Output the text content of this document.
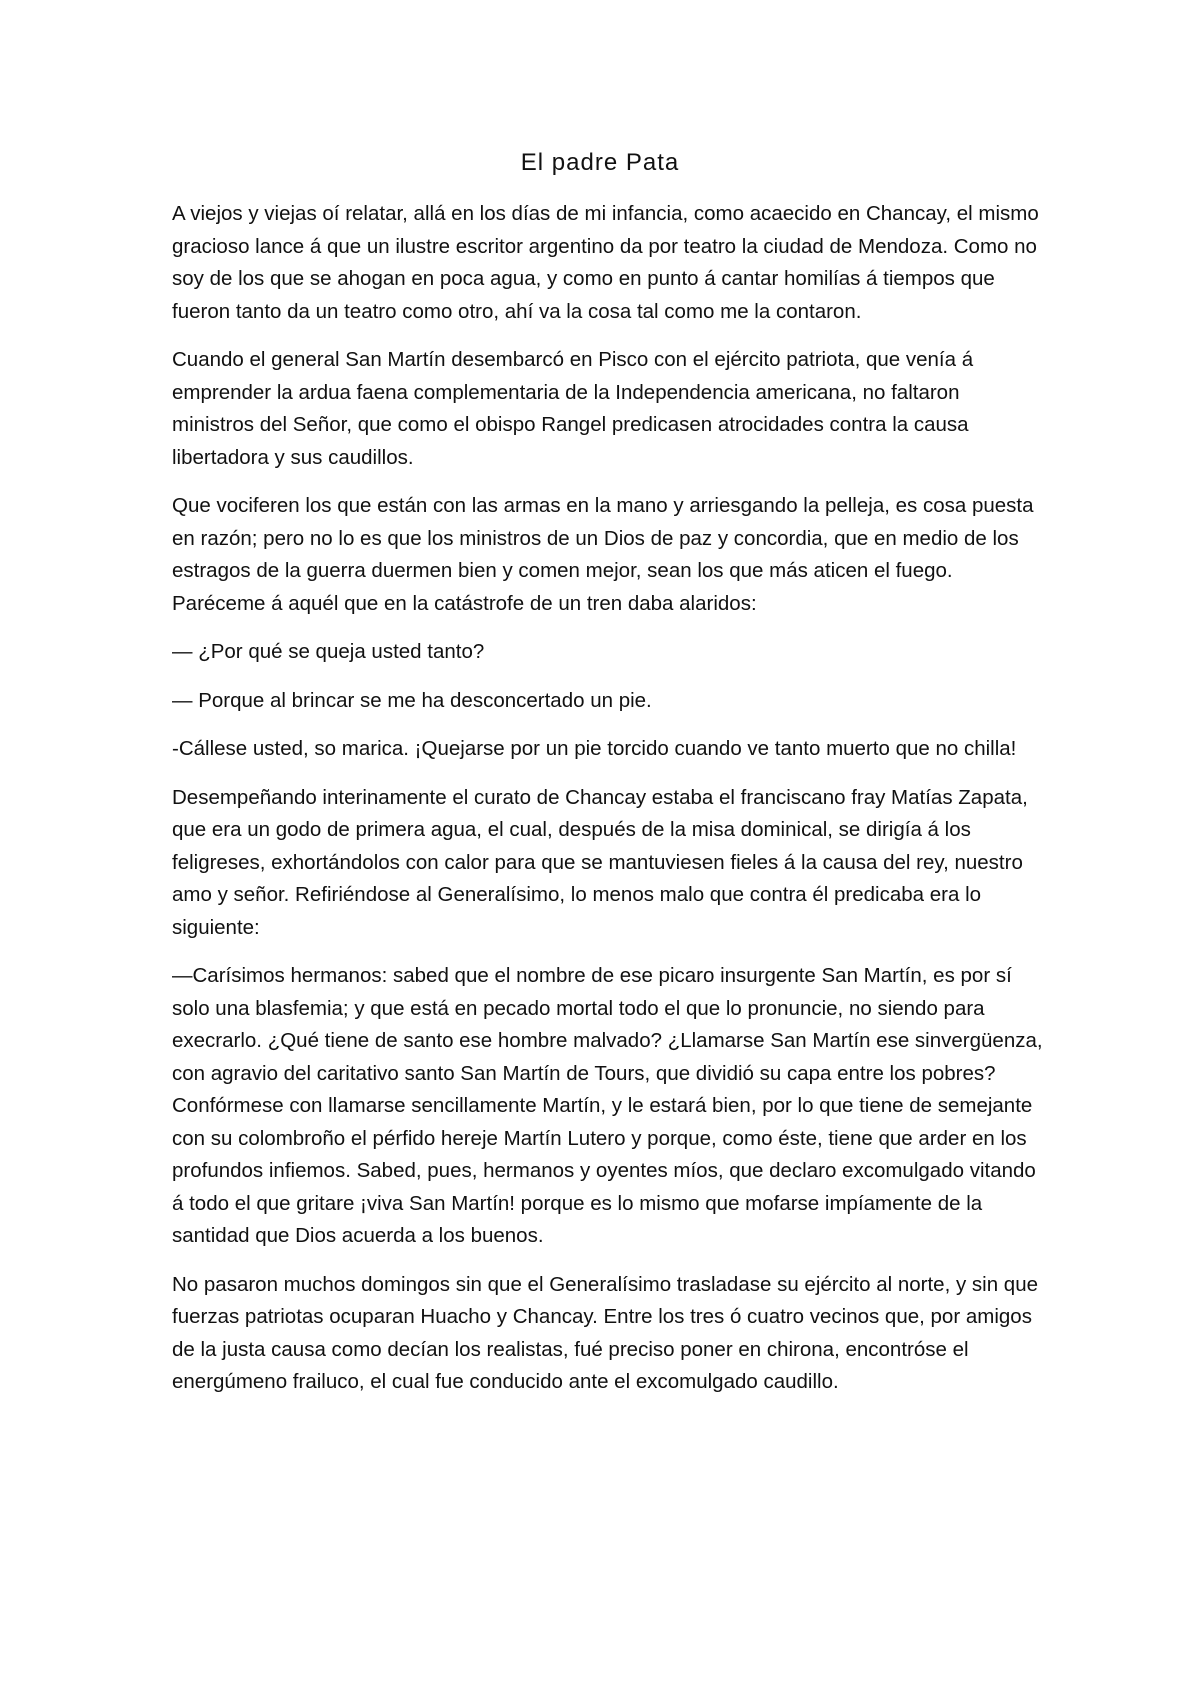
El padre Pata

A viejos y viejas oí relatar, allá en los días de mi infancia, como acaecido en Chancay, el mismo gracioso lance á que un ilustre escritor argentino da por teatro la ciudad de Mendoza. Como no soy de los que se ahogan en poca agua, y como en punto á cantar homilías á tiempos que fueron tanto da un teatro como otro, ahí va la cosa tal como me la contaron.

Cuando el general San Martín desembarcó en Pisco con el ejército patriota, que venía á emprender la ardua faena complementaria de la Independencia americana, no faltaron ministros del Señor, que como el obispo Rangel predicasen atrocidades contra la causa libertadora y sus caudillos.

Que vociferen los que están con las armas en la mano y arriesgando la pelleja, es cosa puesta en razón; pero no lo es que los ministros de un Dios de paz y concordia, que en medio de los estragos de la guerra duermen bien y comen mejor, sean los que más aticen el fuego. Paréceme á aquél que en la catástrofe de un tren daba alaridos:

— ¿Por qué se queja usted tanto?

— Porque al brincar se me ha desconcertado un pie.

-Cállese usted, so marica. ¡Quejarse por un pie torcido cuando ve tanto muerto que no chilla!

Desempeñando interinamente el curato de Chancay estaba el franciscano fray Matías Zapata, que era un godo de primera agua, el cual, después de la misa dominical, se dirigía á los feligreses, exhortándolos con calor para que se mantuviesen fieles á la causa del rey, nuestro amo y señor. Refiriéndose al Generalísimo, lo menos malo que contra él predicaba era lo siguiente:

—Carísimos hermanos: sabed que el nombre de ese picaro insurgente San Martín, es por sí solo una blasfemia; y que está en pecado mortal todo el que lo pronuncie, no siendo para execrarlo. ¿Qué tiene de santo ese hombre malvado? ¿Llamarse San Martín ese sinvergüenza, con agravio del caritativo santo San Martín de Tours, que dividió su capa entre los pobres? Confórmese con llamarse sencillamente Martín, y le estará bien, por lo que tiene de semejante con su colombroño el pérfido hereje Martín Lutero y porque, como éste, tiene que arder en los profundos infiemos. Sabed, pues, hermanos y oyentes míos, que declaro excomulgado vitando á todo el que gritare ¡viva San Martín! porque es lo mismo que mofarse impíamente de la santidad que Dios acuerda a los buenos.

No pasaron muchos domingos sin que el Generalísimo trasladase su ejército al norte, y sin que fuerzas patriotas ocuparan Huacho y Chancay. Entre los tres ó cuatro vecinos que, por amigos de la justa causa como decían los realistas, fué preciso poner en chirona, encontróse el energúmeno frailuco, el cual fue conducido ante el excomulgado caudillo.
